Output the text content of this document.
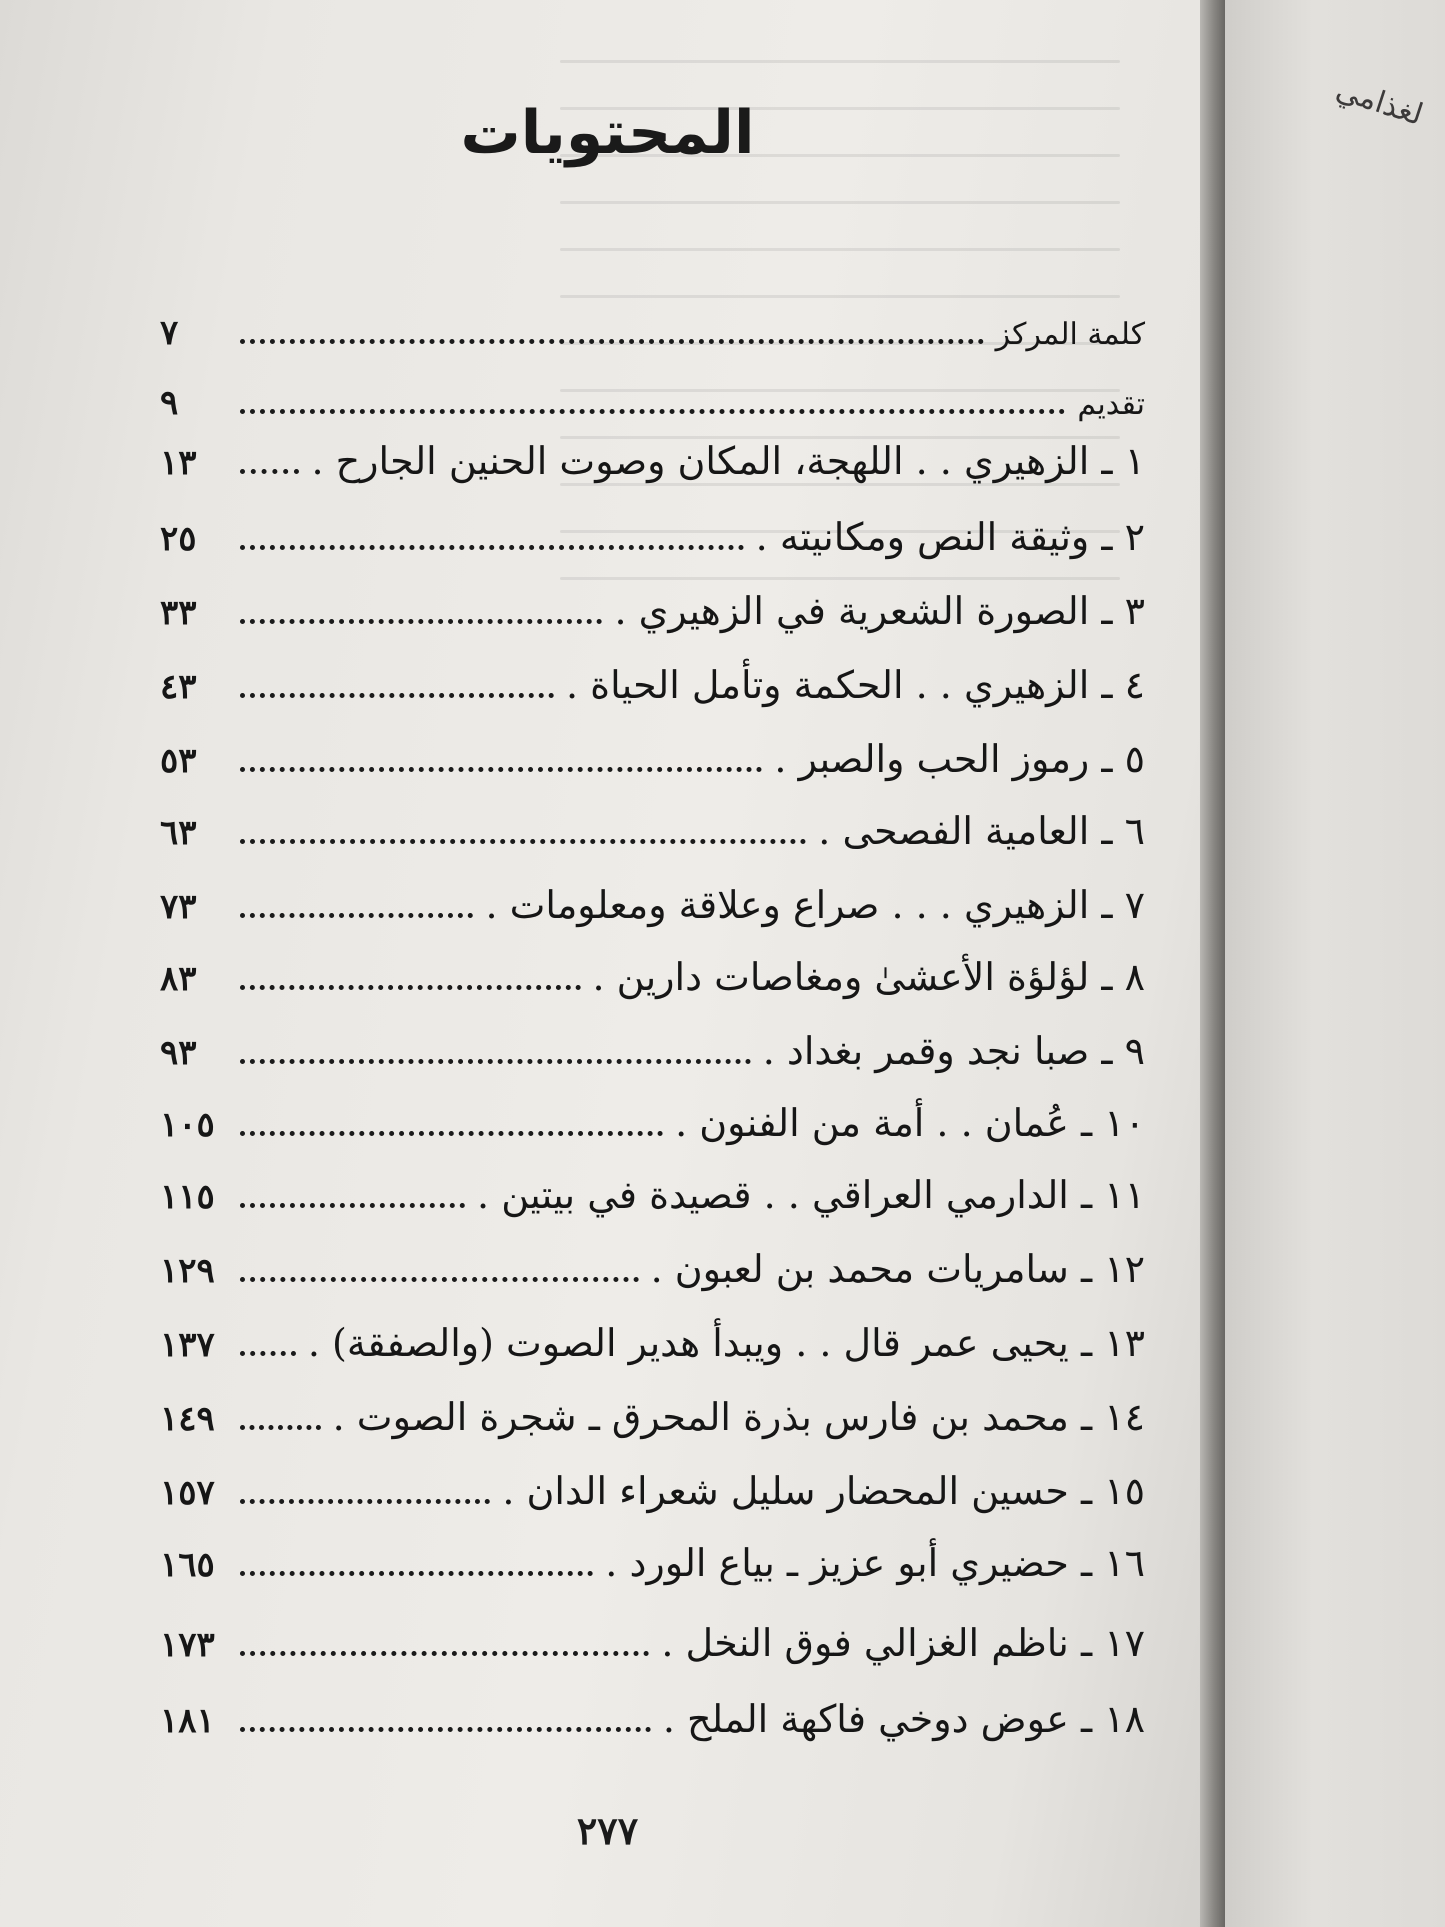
المحتويات
كلمة المركز
٧
تقديم
٩
١ ـ الزهيري . . اللهجة، المكان وصوت الحنين الجارح .
١٣
٢ ـ وثيقة النص ومكانيته .
٢٥
٣ ـ الصورة الشعرية في الزهيري .
٣٣
٤ ـ الزهيري . . الحكمة وتأمل الحياة .
٤٣
٥ ـ رموز الحب والصبر .
٥٣
٦ ـ العامية الفصحى .
٦٣
٧ ـ الزهيري . . . صراع وعلاقة ومعلومات .
٧٣
٨ ـ لؤلؤة الأعشىٰ ومغاصات دارين .
٨٣
٩ ـ صبا نجد وقمر بغداد .
٩٣
١٠ ـ عُمان . . أمة من الفنون .
١٠٥
١١ ـ الدارمي العراقي . . قصيدة في بيتين .
١١٥
١٢ ـ سامريات محمد بن لعبون .
١٢٩
١٣ ـ يحيى عمر قال . . ويبدأ هدير الصوت (والصفقة) .
١٣٧
١٤ ـ محمد بن فارس بذرة المحرق ـ شجرة الصوت .
١٤٩
١٥ ـ حسين المحضار سليل شعراء الدان .
١٥٧
١٦ ـ حضيري أبو عزيز ـ بياع الورد .
١٦٥
١٧ ـ ناظم الغزالي فوق النخل .
١٧٣
١٨ ـ عوض دوخي فاكهة الملح .
١٨١
٢٧٧
لغذامي
